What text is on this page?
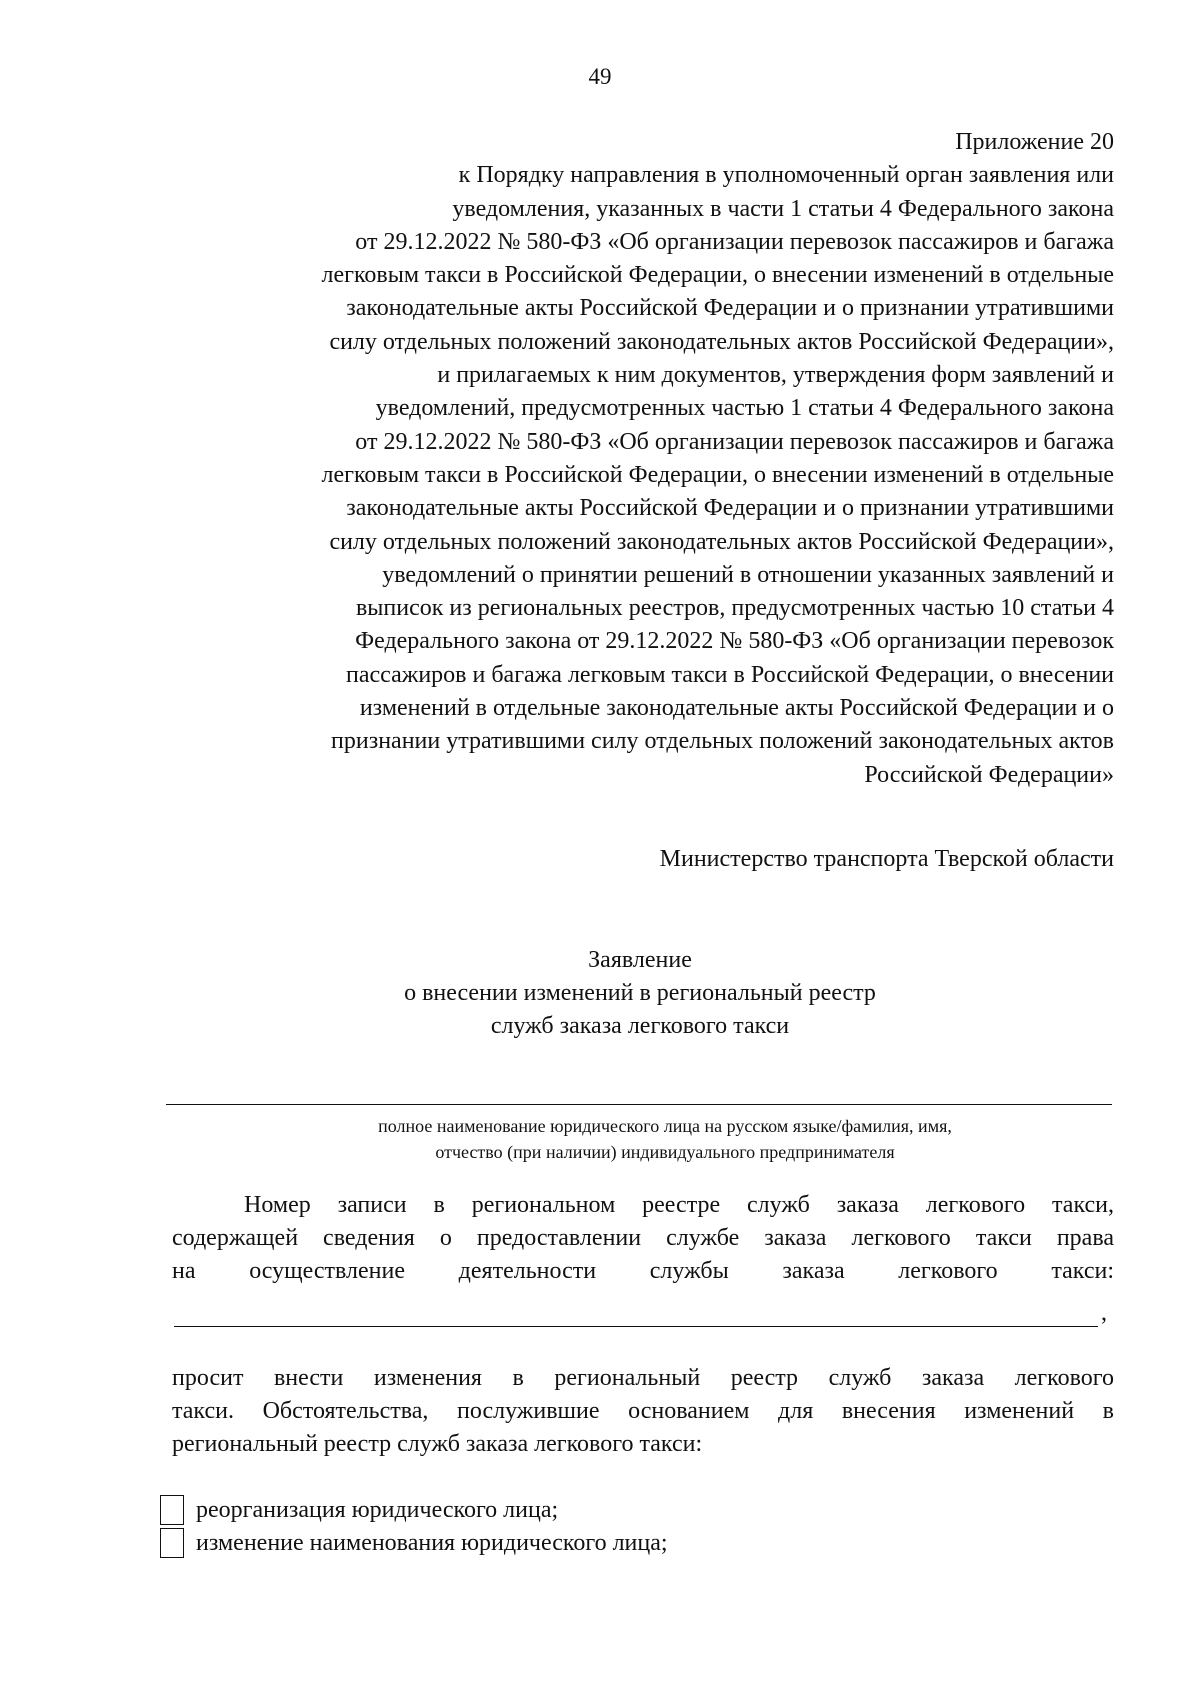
49
Приложение 20
к Порядку направления в уполномоченный орган заявления или
уведомления, указанных в части 1 статьи 4 Федерального закона
от 29.12.2022 № 580-ФЗ «Об организации перевозок пассажиров и багажа
легковым такси в Российской Федерации, о внесении изменений в отдельные
законодательные акты Российской Федерации и о признании утратившими
силу отдельных положений законодательных актов Российской Федерации»,
и прилагаемых к ним документов, утверждения форм заявлений и
уведомлений, предусмотренных частью 1 статьи 4 Федерального закона
от 29.12.2022 № 580-ФЗ «Об организации перевозок пассажиров и багажа
легковым такси в Российской Федерации, о внесении изменений в отдельные
законодательные акты Российской Федерации и о признании утратившими
силу отдельных положений законодательных актов Российской Федерации»,
уведомлений о принятии решений в отношении указанных заявлений и
выписок из региональных реестров, предусмотренных частью 10 статьи 4
Федерального закона от 29.12.2022 № 580-ФЗ «Об организации перевозок
пассажиров и багажа легковым такси в Российской Федерации, о внесении
изменений в отдельные законодательные акты Российской Федерации и о
признании утратившими силу отдельных положений законодательных актов
Российской Федерации»
Министерство транспорта Тверской области
Заявление
о внесении изменений в региональный реестр
служб заказа легкового такси
полное наименование юридического лица на русском языке/фамилия, имя,
отчество (при наличии) индивидуального предпринимателя
Номер записи в региональном реестре служб заказа легкового такси,
содержащей сведения о предоставлении службе заказа легкового такси права
на осуществление деятельности службы заказа легкового такси:
,
просит внести изменения в региональный реестр служб заказа легкового
такси. Обстоятельства, послужившие основанием для внесения изменений в
региональный реестр служб заказа легкового такси:
реорганизация юридического лица;
изменение наименования юридического лица;
